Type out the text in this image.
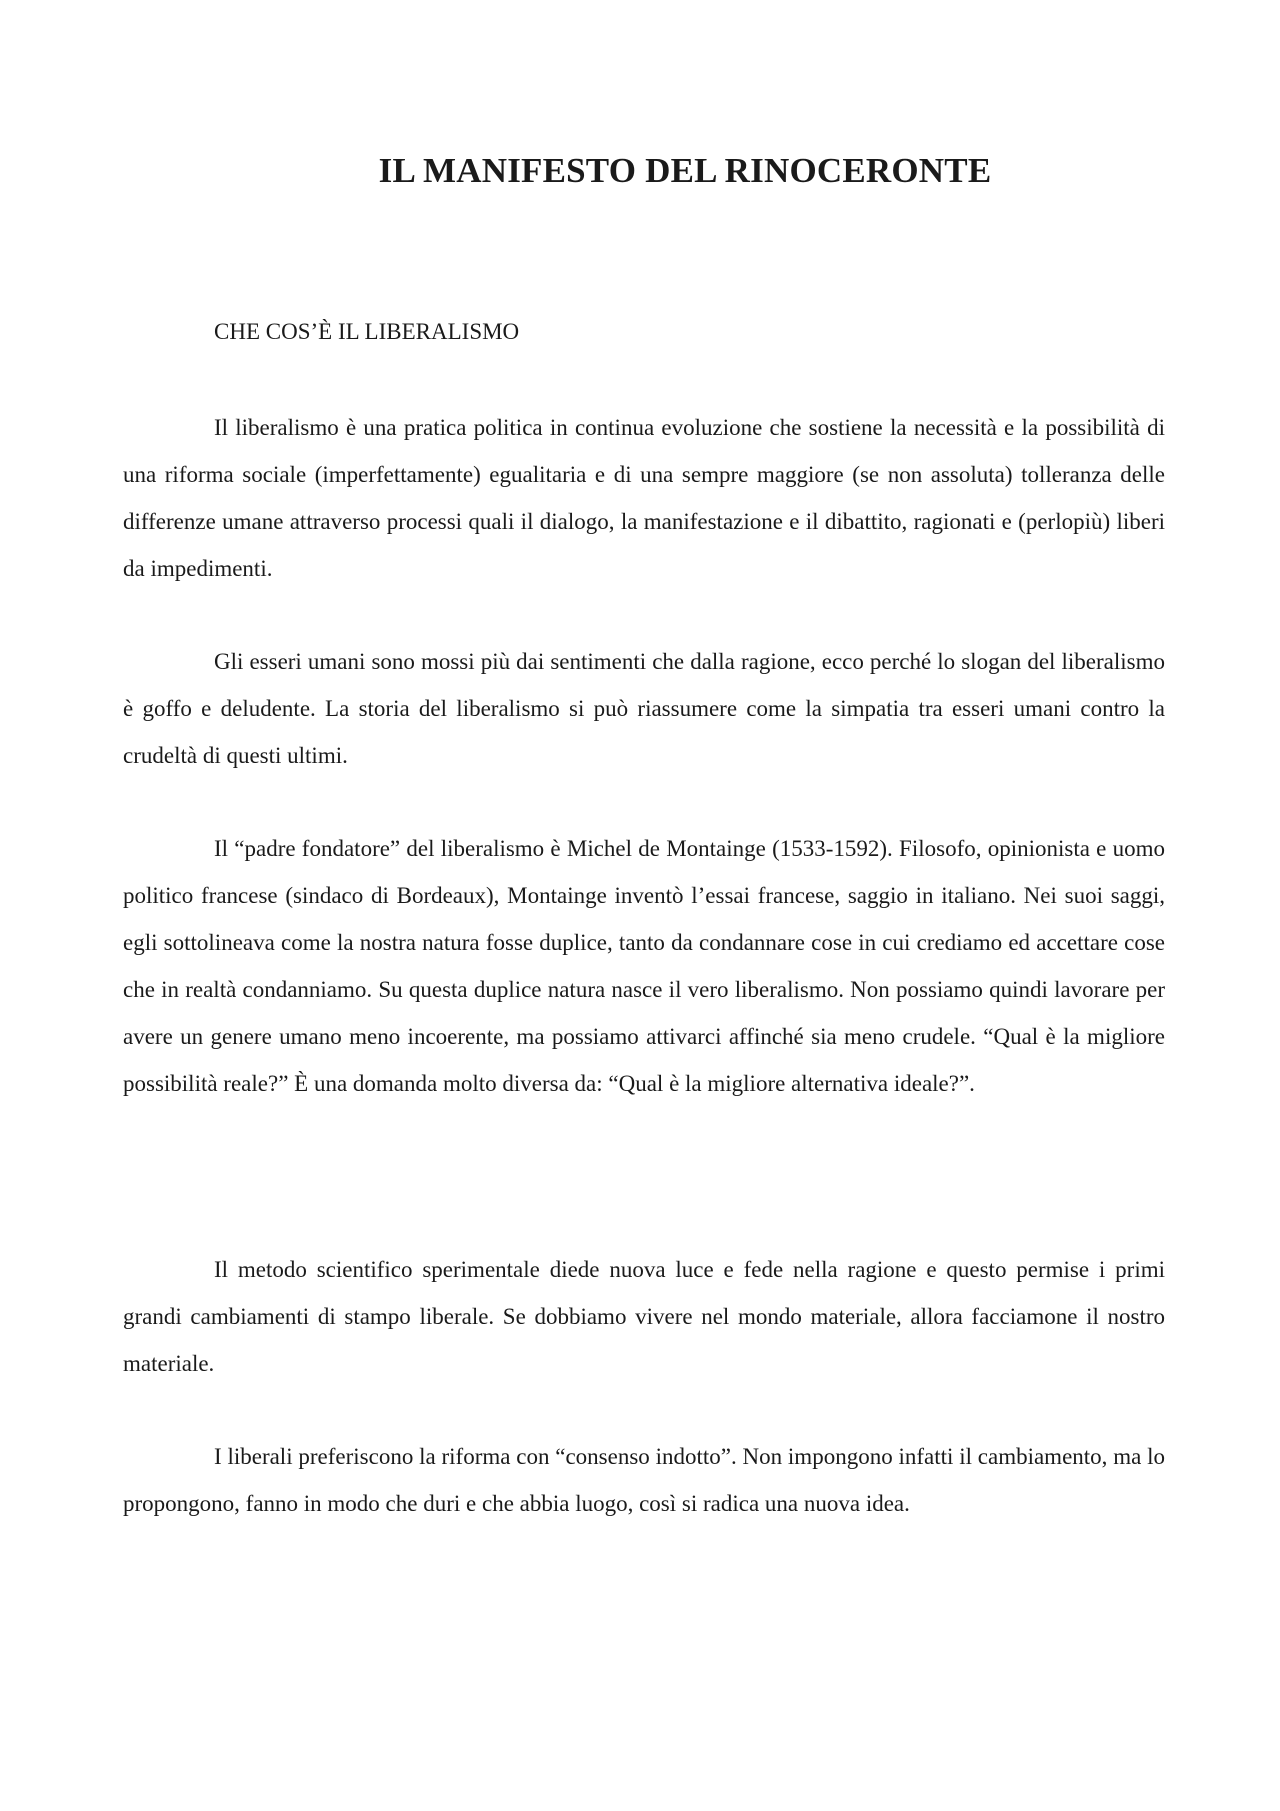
IL MANIFESTO DEL RINOCERONTE
CHE COS’È IL LIBERALISMO

Il liberalismo è una pratica politica in continua evoluzione che sostiene la necessità e la possibilità di una riforma sociale (imperfettamente) egualitaria e di una sempre maggiore (se non assoluta) tolleranza delle differenze umane attraverso processi quali il dialogo, la manifestazione e il dibattito, ragionati e (perlopiù) liberi da impedimenti.

Gli esseri umani sono mossi più dai sentimenti che dalla ragione, ecco perché lo slogan del liberalismo è goffo e deludente. La storia del liberalismo si può riassumere come la simpatia tra esseri umani contro la crudeltà di questi ultimi.

Il “padre fondatore” del liberalismo è Michel de Montainge (1533-1592). Filosofo, opinionista e uomo politico francese (sindaco di Bordeaux), Montainge inventò l’essai francese, saggio in italiano. Nei suoi saggi, egli sottolineava come la nostra natura fosse duplice, tanto da condannare cose in cui crediamo ed accettare cose che in realtà condanniamo. Su questa duplice natura nasce il vero liberalismo. Non possiamo quindi lavorare per avere un genere umano meno incoerente, ma possiamo attivarci affinché sia meno crudele. “Qual è la migliore possibilità reale?” È una domanda molto diversa da: “Qual è la migliore alternativa ideale?”.

Il metodo scientifico sperimentale diede nuova luce e fede nella ragione e questo permise i primi grandi cambiamenti di stampo liberale. Se dobbiamo vivere nel mondo materiale, allora facciamone il nostro materiale.

I liberali preferiscono la riforma con “consenso indotto”. Non impongono infatti il cambiamento, ma lo propongono, fanno in modo che duri e che abbia luogo, così si radica una nuova idea.
